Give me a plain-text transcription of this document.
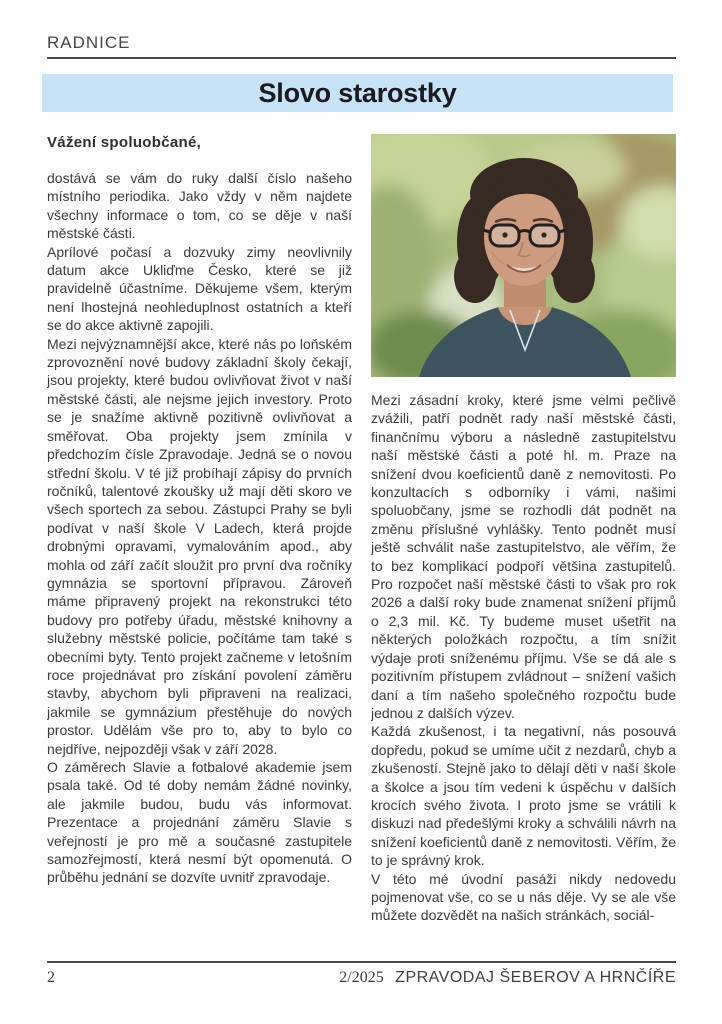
RADNICE
Slovo starostky
Vážení spoluobčané,

dostává se vám do ruky další číslo našeho místního periodika. Jako vždy v něm najdete všechny informace o tom, co se děje v naší městské části.

Aprílové počasí a dozvuky zimy neovlivnily datum akce Ukliďme Česko, které se již pravidelně účastníme. Děkujeme všem, kterým není lhostejná neohleduplnost ostatních a kteří se do akce aktivně zapojili.

Mezi nejvýznamnější akce, které nás po loňském zprovoznění nové budovy základní školy čekají, jsou projekty, které budou ovlivňovat život v naší městské části, ale nejsme jejich investory. Proto se je snažíme aktivně pozitivně ovlivňovat a směřovat. Oba projekty jsem zmínila v předchozím čísle Zpravodaje. Jedná se o novou střední školu. V té již probíhají zápisy do prvních ročníků, talentové zkoušky už mají děti skoro ve všech sportech za sebou. Zástupci Prahy se byli podívat v naší škole V Ladech, která projde drobnými opravami, vymalováním apod., aby mohla od září začít sloužit pro první dva ročníky gymnázia se sportovní přípravou. Zároveň máme připravený projekt na rekonstrukci této budovy pro potřeby úřadu, městské knihovny a služebny městské policie, počítáme tam také s obecními byty. Tento projekt začneme v letošním roce projednávat pro získání povolení záměru stavby, abychom byli připraveni na realizaci, jakmile se gymnázium přestěhuje do nových prostor. Udělám vše pro to, aby to bylo co nejdříve, nejpozději však v září 2028.

O záměrech Slavie a fotbalové akademie jsem psala také. Od té doby nemám žádné novinky, ale jakmile budou, budu vás informovat. Prezentace a projednání záměru Slavie s veřejností je pro mě a současné zastupitele samozřejmostí, která nesmí být opomenutá. O průběhu jednání se dozvíte uvnitř zpravodaje.

Mezi zásadní kroky, které jsme velmi pečlivě zvážili, patří podnět rady naší městské části, finančnímu výboru a následně zastupitelstvu naší městské části a poté hl. m. Praze na snížení dvou koeficientů daně z nemovitosti. Po konzultacích s odborníky i vámi, našimi spoluobčany, jsme se rozhodli dát podnět na změnu příslušné vyhlášky. Tento podnět musí ještě schválit naše zastupitelstvo, ale věřím, že to bez komplikací podpoří většina zastupitelů. Pro rozpočet naší městské části to však pro rok 2026 a další roky bude znamenat snížení příjmů o 2,3 mil. Kč. Ty budeme muset ušetřit na některých položkách rozpočtu, a tím snížit výdaje proti sníženému příjmu. Vše se dá ale s pozitivním přístupem zvládnout – snížení vašich daní a tím našeho společného rozpočtu bude jednou z dalších výzev.

Každá zkušenost, i ta negativní, nás posouvá dopředu, pokud se umíme učit z nezdarů, chyb a zkušeností. Stejně jako to dělají děti v naší škole a školce a jsou tím vedeni k úspěchu v dalších krocích svého života. I proto jsme se vrátili k diskuzi nad předešlými kroky a schválili návrh na snížení koeficientů daně z nemovitosti. Věřím, že to je správný krok.

V této mé úvodní pasáži nikdy nedovedu pojmenovat vše, co se u nás děje. Vy se ale vše můžete dozvědět na našich stránkách, sociál-

2	2/2025 ZPRAVODAJ ŠEBEROV A HRNČÍŘE
